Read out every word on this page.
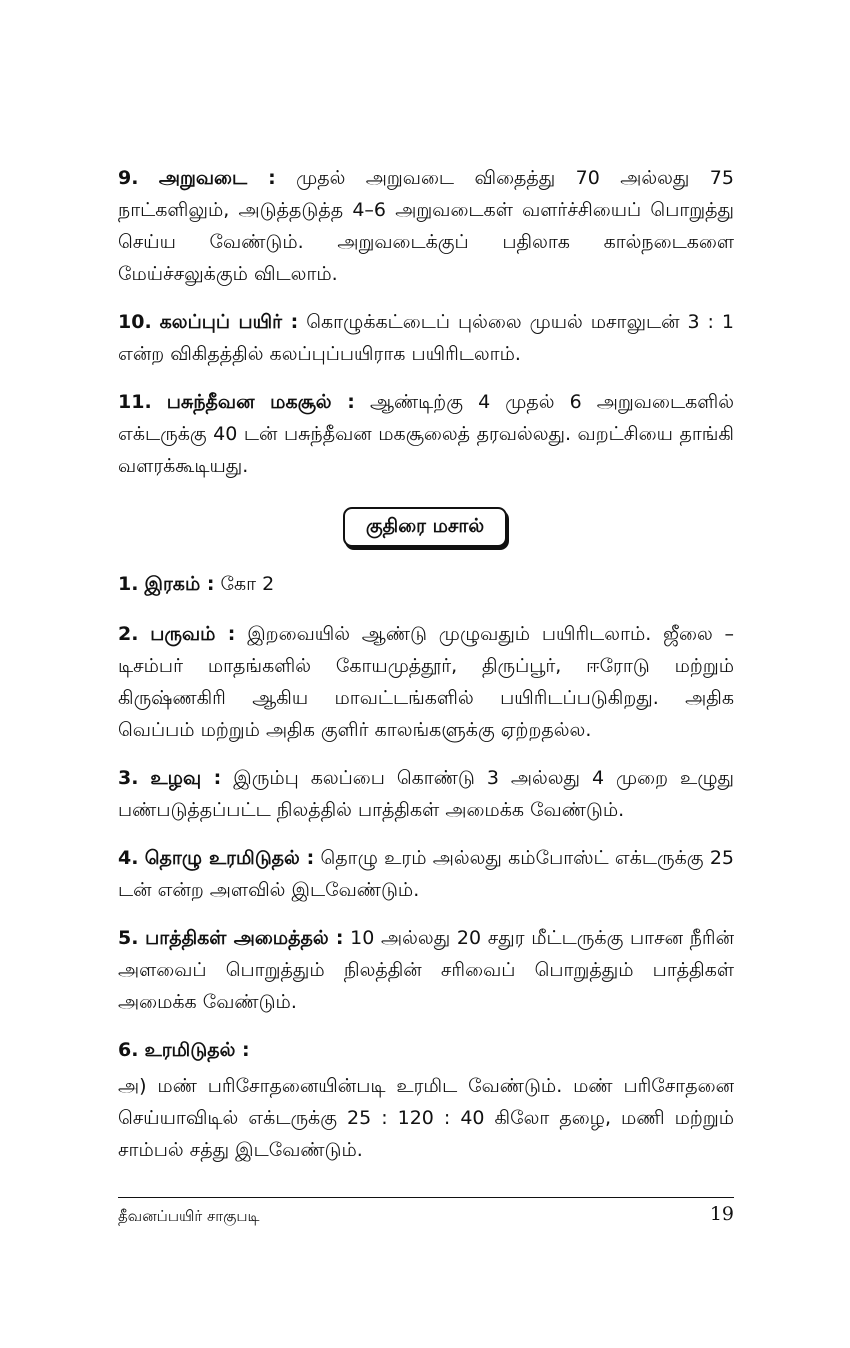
9. அறுவடை : முதல் அறுவடை விதைத்து 70 அல்லது 75 நாட்களிலும், அடுத்தடுத்த 4–6 அறுவடைகள் வளர்ச்சியைப் பொறுத்து செய்ய வேண்டும். அறுவடைக்குப் பதிலாக கால்நடைகளை மேய்ச்சலுக்கும் விடலாம்.

10. கலப்புப் பயிர் : கொழுக்கட்டைப் புல்லை முயல் மசாலுடன் 3 : 1 என்ற விகிதத்தில் கலப்புப்பயிராக பயிரிடலாம்.

11. பசுந்தீவன மகசூல் : ஆண்டிற்கு 4 முதல் 6 அறுவடைகளில் எக்டருக்கு 40 டன் பசுந்தீவன மகசூலைத் தரவல்லது. வறட்சியை தாங்கி வளரக்கூடியது.

குதிரை மசால்

1. இரகம் : கோ 2

2. பருவம் : இறவையில் ஆண்டு முழுவதும் பயிரிடலாம். ஜீலை – டிசம்பர் மாதங்களில் கோயமுத்தூர், திருப்பூர், ஈரோடு மற்றும் கிருஷ்ணகிரி ஆகிய மாவட்டங்களில் பயிரிடப்படுகிறது. அதிக வெப்பம் மற்றும் அதிக குளிர் காலங்களுக்கு ஏற்றதல்ல.

3. உழவு : இரும்பு கலப்பை கொண்டு 3 அல்லது 4 முறை உழுது பண்படுத்தப்பட்ட நிலத்தில் பாத்திகள் அமைக்க வேண்டும்.

4. தொழு உரமிடுதல் : தொழு உரம் அல்லது கம்போஸ்ட் எக்டருக்கு 25 டன் என்ற அளவில் இடவேண்டும்.

5. பாத்திகள் அமைத்தல் : 10 அல்லது 20 சதுர மீட்டருக்கு பாசன நீரின் அளவைப் பொறுத்தும் நிலத்தின் சரிவைப் பொறுத்தும் பாத்திகள் அமைக்க வேண்டும்.

6. உரமிடுதல் :

அ) மண் பரிசோதனையின்படி உரமிட வேண்டும். மண் பரிசோதனை செய்யாவிடில் எக்டருக்கு 25 : 120 : 40 கிலோ தழை, மணி மற்றும் சாம்பல் சத்து இடவேண்டும்.

தீவனப்பயிர் சாகுபடி	19
